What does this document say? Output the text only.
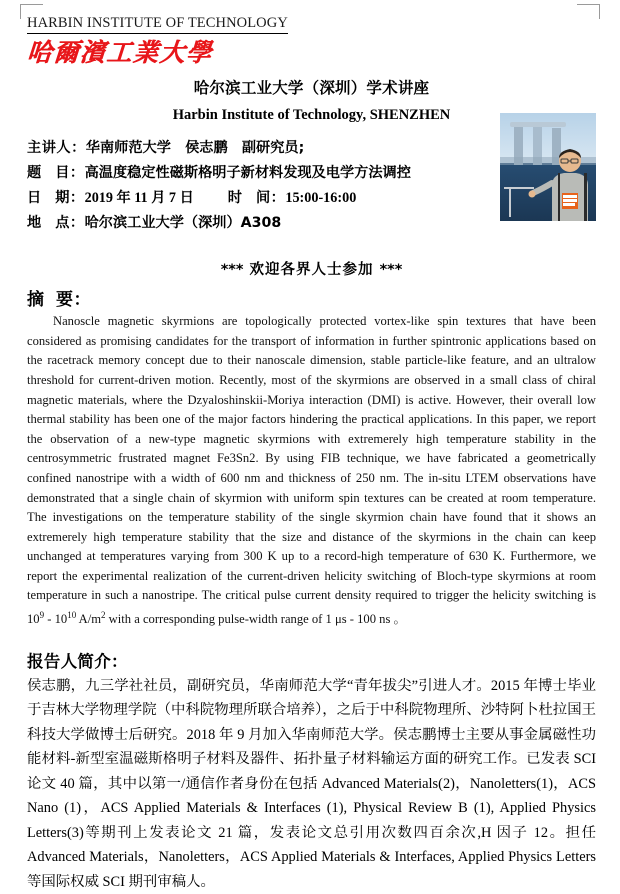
HARBIN INSTITUTE OF TECHNOLOGY
哈爾濱工業大學
哈尔滨工业大学（深圳）学术讲座
Harbin Institute of Technology, SHENZHEN
主讲人：华南师范大学　侯志鹏　副研究员;
题目：高温度稳定性磁斯格明子新材料发现及电学方法调控
日期：2019 年 11 月 7 日 时间：15:00-16:00
地点：哈尔滨工业大学（深圳）A308
*** 欢迎各界人士参加 ***
摘要：
Nanoscle magnetic skyrmions are topologically protected vortex-like spin textures that have been considered as promising candidates for the transport of information in further spintronic applications based on the racetrack memory concept due to their nanoscale dimension, stable particle-like feature, and an ultralow threshold for current-driven motion. Recently, most of the skyrmions are observed in a small class of chiral magnetic materials, where the Dzyaloshinskii-Moriya interaction (DMI) is active. However, their overall low thermal stability has been one of the major factors hindering the practical applications. In this paper, we report the observation of a new-type magnetic skyrmions with extremerely high temperature stability in the centrosymmetric frustrated magnet Fe3Sn2. By using FIB technique, we have fabricated a geometrically confined nanostripe with a width of 600 nm and thickness of 250 nm. The in-situ LTEM observations have demonstrated that a single chain of skyrmion with uniform spin textures can be created at room temperature. The investigations on the temperature stability of the single skyrmion chain have found that it shows an extremerely high temperature stability that the size and distance of the skyrmions in the chain can keep unchanged at temperatures varying from 300 K up to a record-high temperature of 630 K. Furthermore, we report the experimental realization of the current-driven helicity switching of Bloch-type skyrmions at room temperature in such a nanostripe. The critical pulse current density required to trigger the helicity switching is $10^9 - 10^{10}$ $A/m^2$ with a corresponding pulse-width range of 1 μs - 100 ns 。
报告人简介：
侯志鹏，九三学社社员，副研究员，华南师范大学“青年拔尖”引进人才。2015 年博士毕业于吉林大学物理学院（中科院物理所联合培养），之后于中科院物理所、沙特阿卜杜拉国王科技大学做博士后研究。2018 年 9 月加入华南师范大学。侯志鹏博士主要从事金属磁性功能材料-新型室温磁斯格明子材料及器件、拓扑量子材料输运方面的研究工作。已发表 SCI 论文 40 篇，其中以第一/通信作者身份在包括 Advanced Materials(2)，Nanoletters(1)，ACS Nano (1)，ACS Applied Materials & Interfaces (1), Physical Review B (1), Applied Physics Letters(3)等期刊上发表论文 21 篇，发表论文总引用次数四百余次,H 因子 12。担任 Advanced Materials，Nanoletters，ACS Applied Materials & Interfaces, Applied Physics Letters 等国际权威 SCI 期刊审稿人。
